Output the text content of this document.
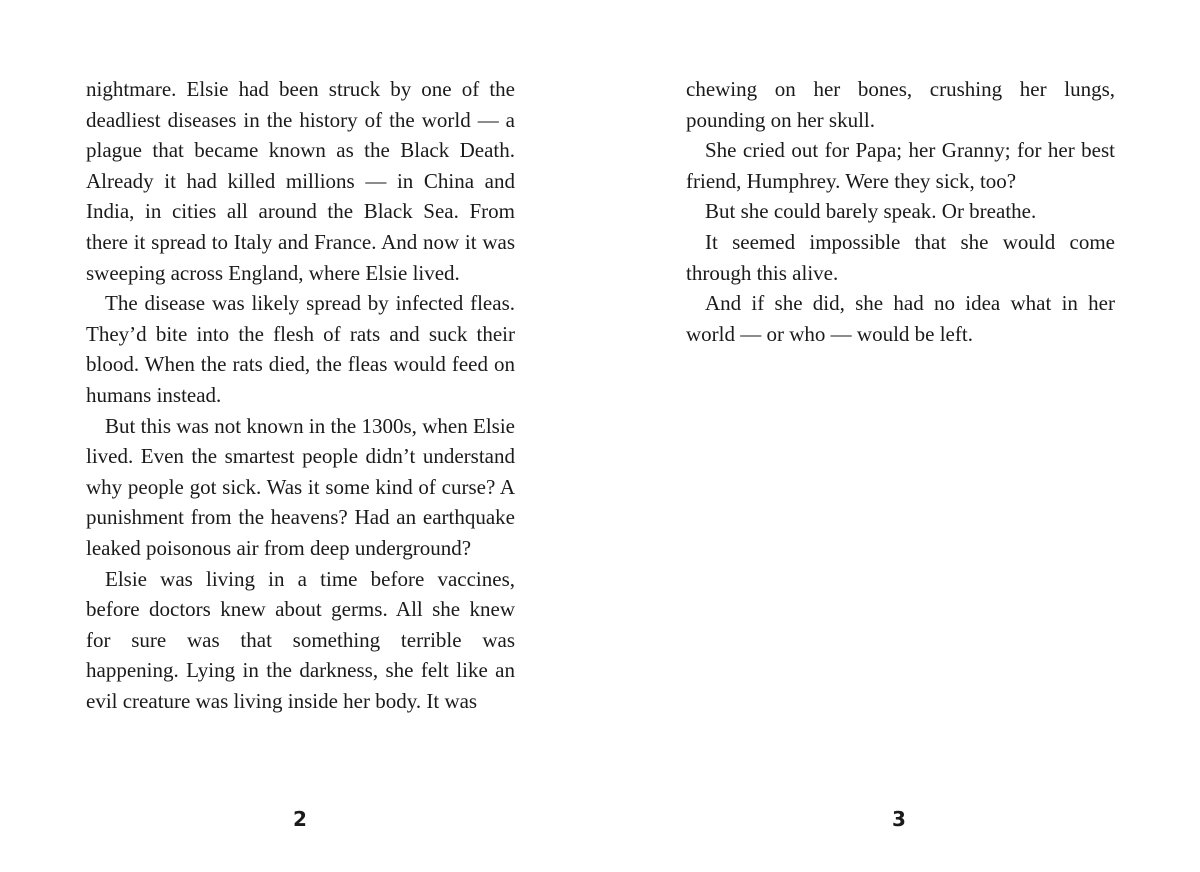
nightmare. Elsie had been struck by one of the deadliest diseases in the history of the world — a plague that became known as the Black Death. Already it had killed millions — in China and India, in cities all around the Black Sea. From there it spread to Italy and France. And now it was sweeping across England, where Elsie lived.

The disease was likely spread by infected fleas. They’d bite into the flesh of rats and suck their blood. When the rats died, the fleas would feed on humans instead.

But this was not known in the 1300s, when Elsie lived. Even the smartest people didn’t understand why people got sick. Was it some kind of curse? A punishment from the heavens? Had an earthquake leaked poisonous air from deep underground?

Elsie was living in a time before vaccines, before doctors knew about germs. All she knew for sure was that something terrible was happening. Lying in the darkness, she felt like an evil creature was living inside her body. It was

2

chewing on her bones, crushing her lungs, pounding on her skull.

She cried out for Papa; her Granny; for her best friend, Humphrey. Were they sick, too?

But she could barely speak. Or breathe.

It seemed impossible that she would come through this alive.

And if she did, she had no idea what in her world — or who — would be left.

3
